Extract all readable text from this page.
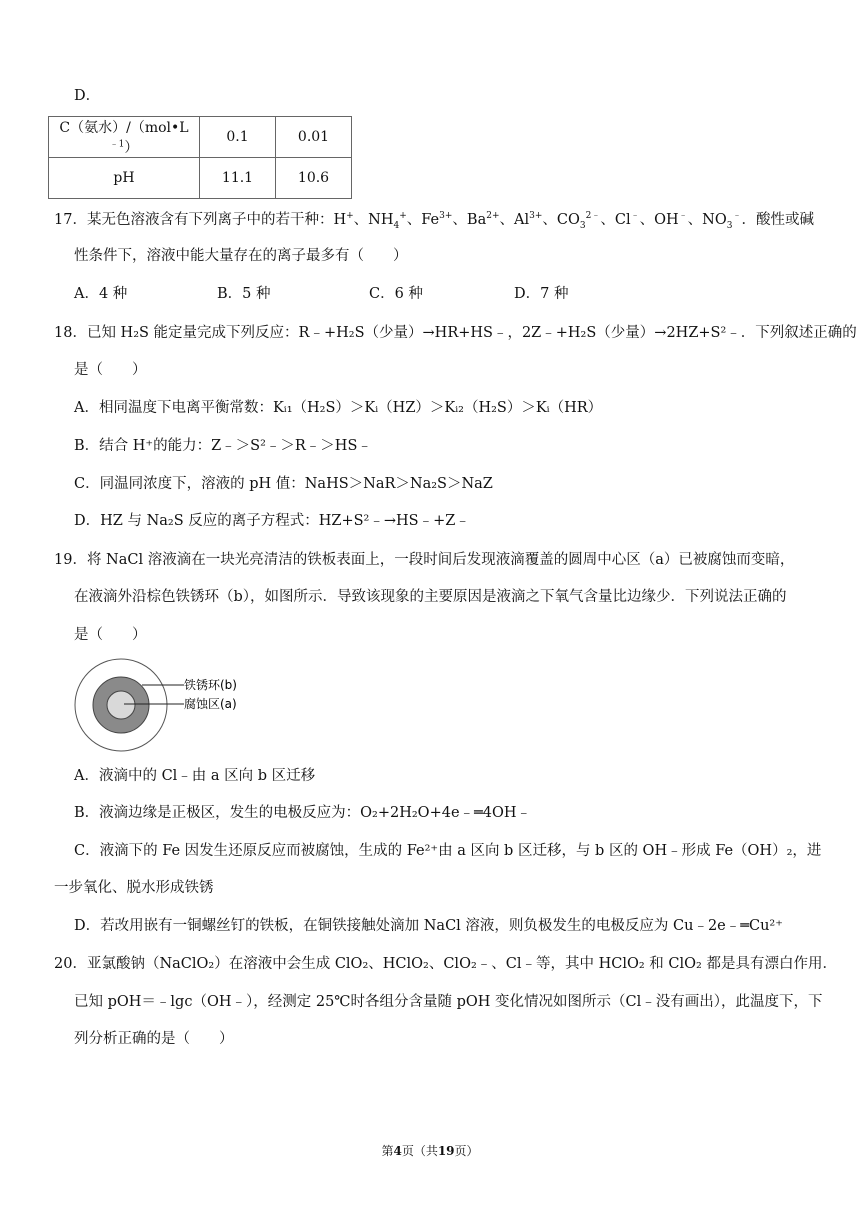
D．
C（氨水）$/(mol•L^{﹣1})$	0.1	0.01
pH	11.1	10.6
17．某无色溶液含有下列离子中的若干种：H+、$NH_4^+$、$Fe^{3+}$、$Ba^{2+}$、$Al^{3+}$、$CO_3^{2﹣}$、Cl﹣、OH﹣、$NO_3^﹣$．酸性或碱
性条件下，溶液中能大量存在的离子最多有（　　）
A．4 种	B．5 种	C．6 种	D．7 种
18．已知 H₂S 能定量完成下列反应：R﹣+H₂S（少量）→HR+HS﹣，2Z﹣+H₂S（少量）→2HZ+S²﹣．下列叙述正确的
是（　　）
A．相同温度下电离平衡常数：Kᵢ₁（H₂S）＞Kᵢ（HZ）＞Kᵢ₂（H₂S）＞Kᵢ（HR）
B．结合 H⁺的能力：Z﹣＞S²﹣＞R﹣＞HS﹣
C．同温同浓度下，溶液的 pH 值：NaHS＞NaR＞Na₂S＞NaZ
D．HZ 与 Na₂S 反应的离子方程式：HZ+S²﹣→HS﹣+Z﹣
19．将 NaCl 溶液滴在一块光亮清洁的铁板表面上，一段时间后发现液滴覆盖的圆周中心区（a）已被腐蚀而变暗，
在液滴外沿棕色铁锈环（b），如图所示．导致该现象的主要原因是液滴之下氧气含量比边缘少．下列说法正确的
是（　　）
铁锈环(b)
腐蚀区(a)
A．液滴中的 Cl﹣由 a 区向 b 区迁移
B．液滴边缘是正极区，发生的电极反应为：O₂+2H₂O+4e﹣═4OH﹣
C．液滴下的 Fe 因发生还原反应而被腐蚀，生成的 Fe²⁺由 a 区向 b 区迁移，与 b 区的 OH﹣形成 Fe（OH）₂，进
一步氧化、脱水形成铁锈
D．若改用嵌有一铜螺丝钉的铁板，在铜铁接触处滴加 NaCl 溶液，则负极发生的电极反应为 Cu﹣2e﹣═Cu²⁺
20．亚氯酸钠（NaClO₂）在溶液中会生成 ClO₂、HClO₂、ClO₂﹣、Cl﹣等，其中 HClO₂ 和 ClO₂ 都是具有漂白作用．
已知 pOH＝﹣lgc（OH﹣），经测定 25℃时各组分含量随 pOH 变化情况如图所示（Cl﹣没有画出），此温度下，下
列分析正确的是（　　）
第4页（共19页）
